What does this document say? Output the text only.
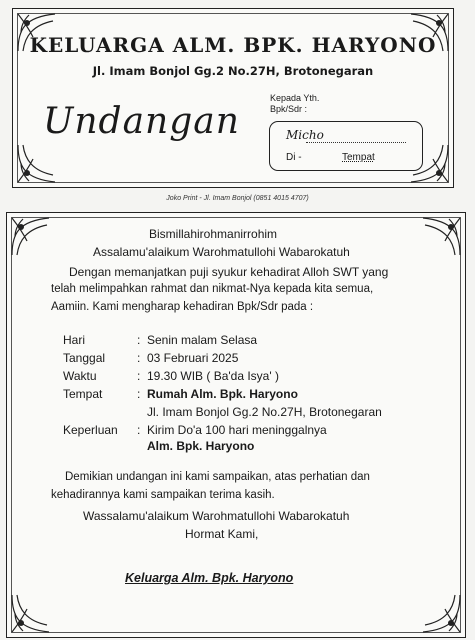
KELUARGA ALM. BPK. HARYONO
Jl. Imam Bonjol Gg.2 No.27H, Brotonegaran
Undangan
Kepada Yth.
Bpk/Sdr :
Micho
Di -	Tempat
Joko Print - Jl. Imam Bonjol (0851 4015 4707)
Bismillahirohmanirrohim
Assalamu'alaikum Warohmatullohi Wabarokatuh
Dengan memanjatkan puji syukur kehadirat Alloh SWT yang
telah melimpahkan rahmat dan nikmat-Nya kepada kita semua,
Aamiin. Kami mengharap kehadiran Bpk/Sdr pada :
Hari	: Senin malam Selasa
Tanggal	: 03 Februari 2025
Waktu	: 19.30 WIB ( Ba'da Isya' )
Tempat	: Rumah Alm. Bpk. Haryono
Jl. Imam Bonjol Gg.2 No.27H, Brotonegaran
Keperluan : Kirim Do'a 100 hari meninggalnya
Alm. Bpk. Haryono
Demikian undangan ini kami sampaikan, atas perhatian dan
kehadirannya kami sampaikan terima kasih.
Wassalamu'alaikum Warohmatullohi Wabarokatuh
Hormat Kami,
Keluarga Alm. Bpk. Haryono
